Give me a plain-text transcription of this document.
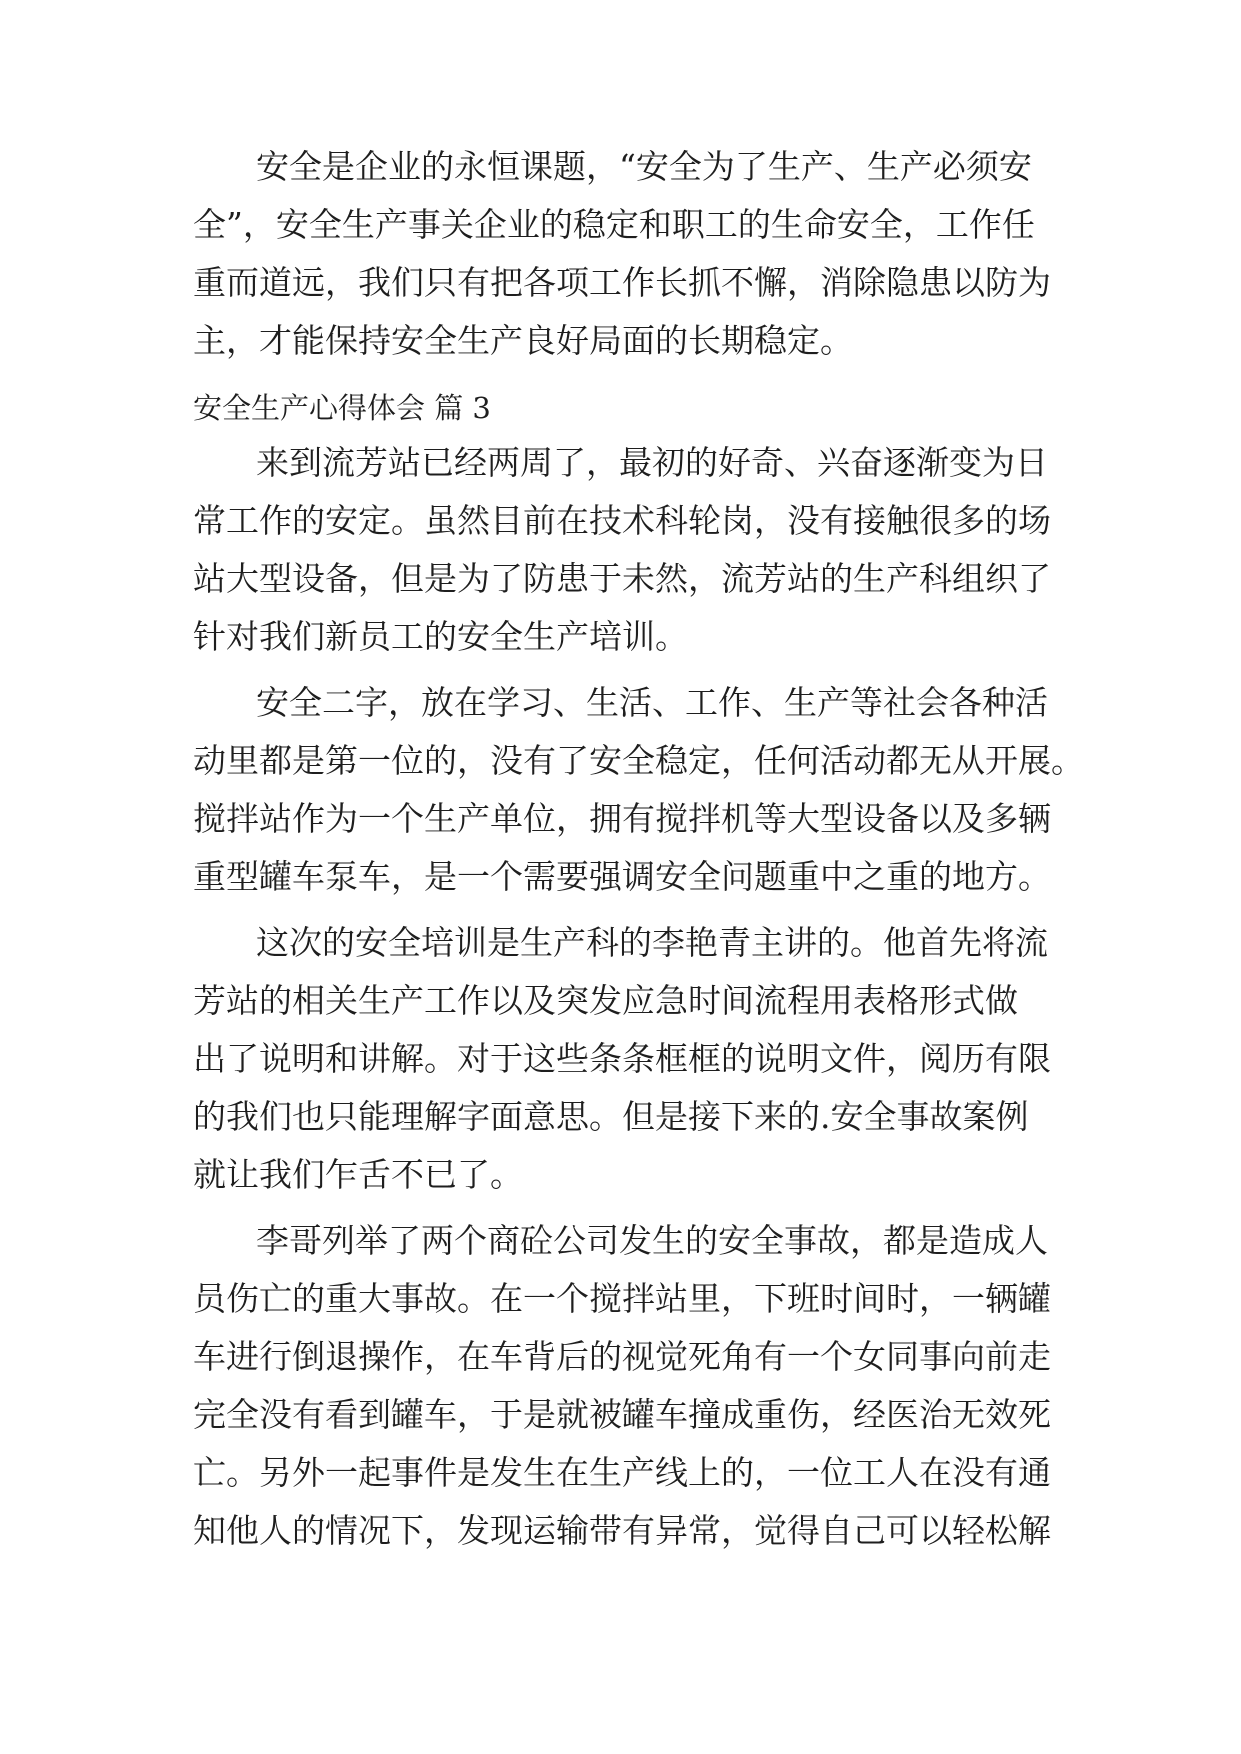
安全是企业的永恒课题，“安全为了生产、生产必须安
全”，安全生产事关企业的稳定和职工的生命安全，工作任
重而道远，我们只有把各项工作长抓不懈，消除隐患以防为
主，才能保持安全生产良好局面的长期稳定。
安全生产心得体会 篇 3
来到流芳站已经两周了，最初的好奇、兴奋逐渐变为日
常工作的安定。虽然目前在技术科轮岗，没有接触很多的场
站大型设备，但是为了防患于未然，流芳站的生产科组织了
针对我们新员工的安全生产培训。
安全二字，放在学习、生活、工作、生产等社会各种活
动里都是第一位的，没有了安全稳定，任何活动都无从开展。
搅拌站作为一个生产单位，拥有搅拌机等大型设备以及多辆
重型罐车泵车，是一个需要强调安全问题重中之重的地方。
这次的安全培训是生产科的李艳青主讲的。他首先将流
芳站的相关生产工作以及突发应急时间流程用表格形式做
出了说明和讲解。对于这些条条框框的说明文件，阅历有限
的我们也只能理解字面意思。但是接下来的.安全事故案例
就让我们乍舌不已了。
李哥列举了两个商砼公司发生的安全事故，都是造成人
员伤亡的重大事故。在一个搅拌站里，下班时间时，一辆罐
车进行倒退操作，在车背后的视觉死角有一个女同事向前走
完全没有看到罐车，于是就被罐车撞成重伤，经医治无效死
亡。另外一起事件是发生在生产线上的，一位工人在没有通
知他人的情况下，发现运输带有异常，觉得自己可以轻松解
